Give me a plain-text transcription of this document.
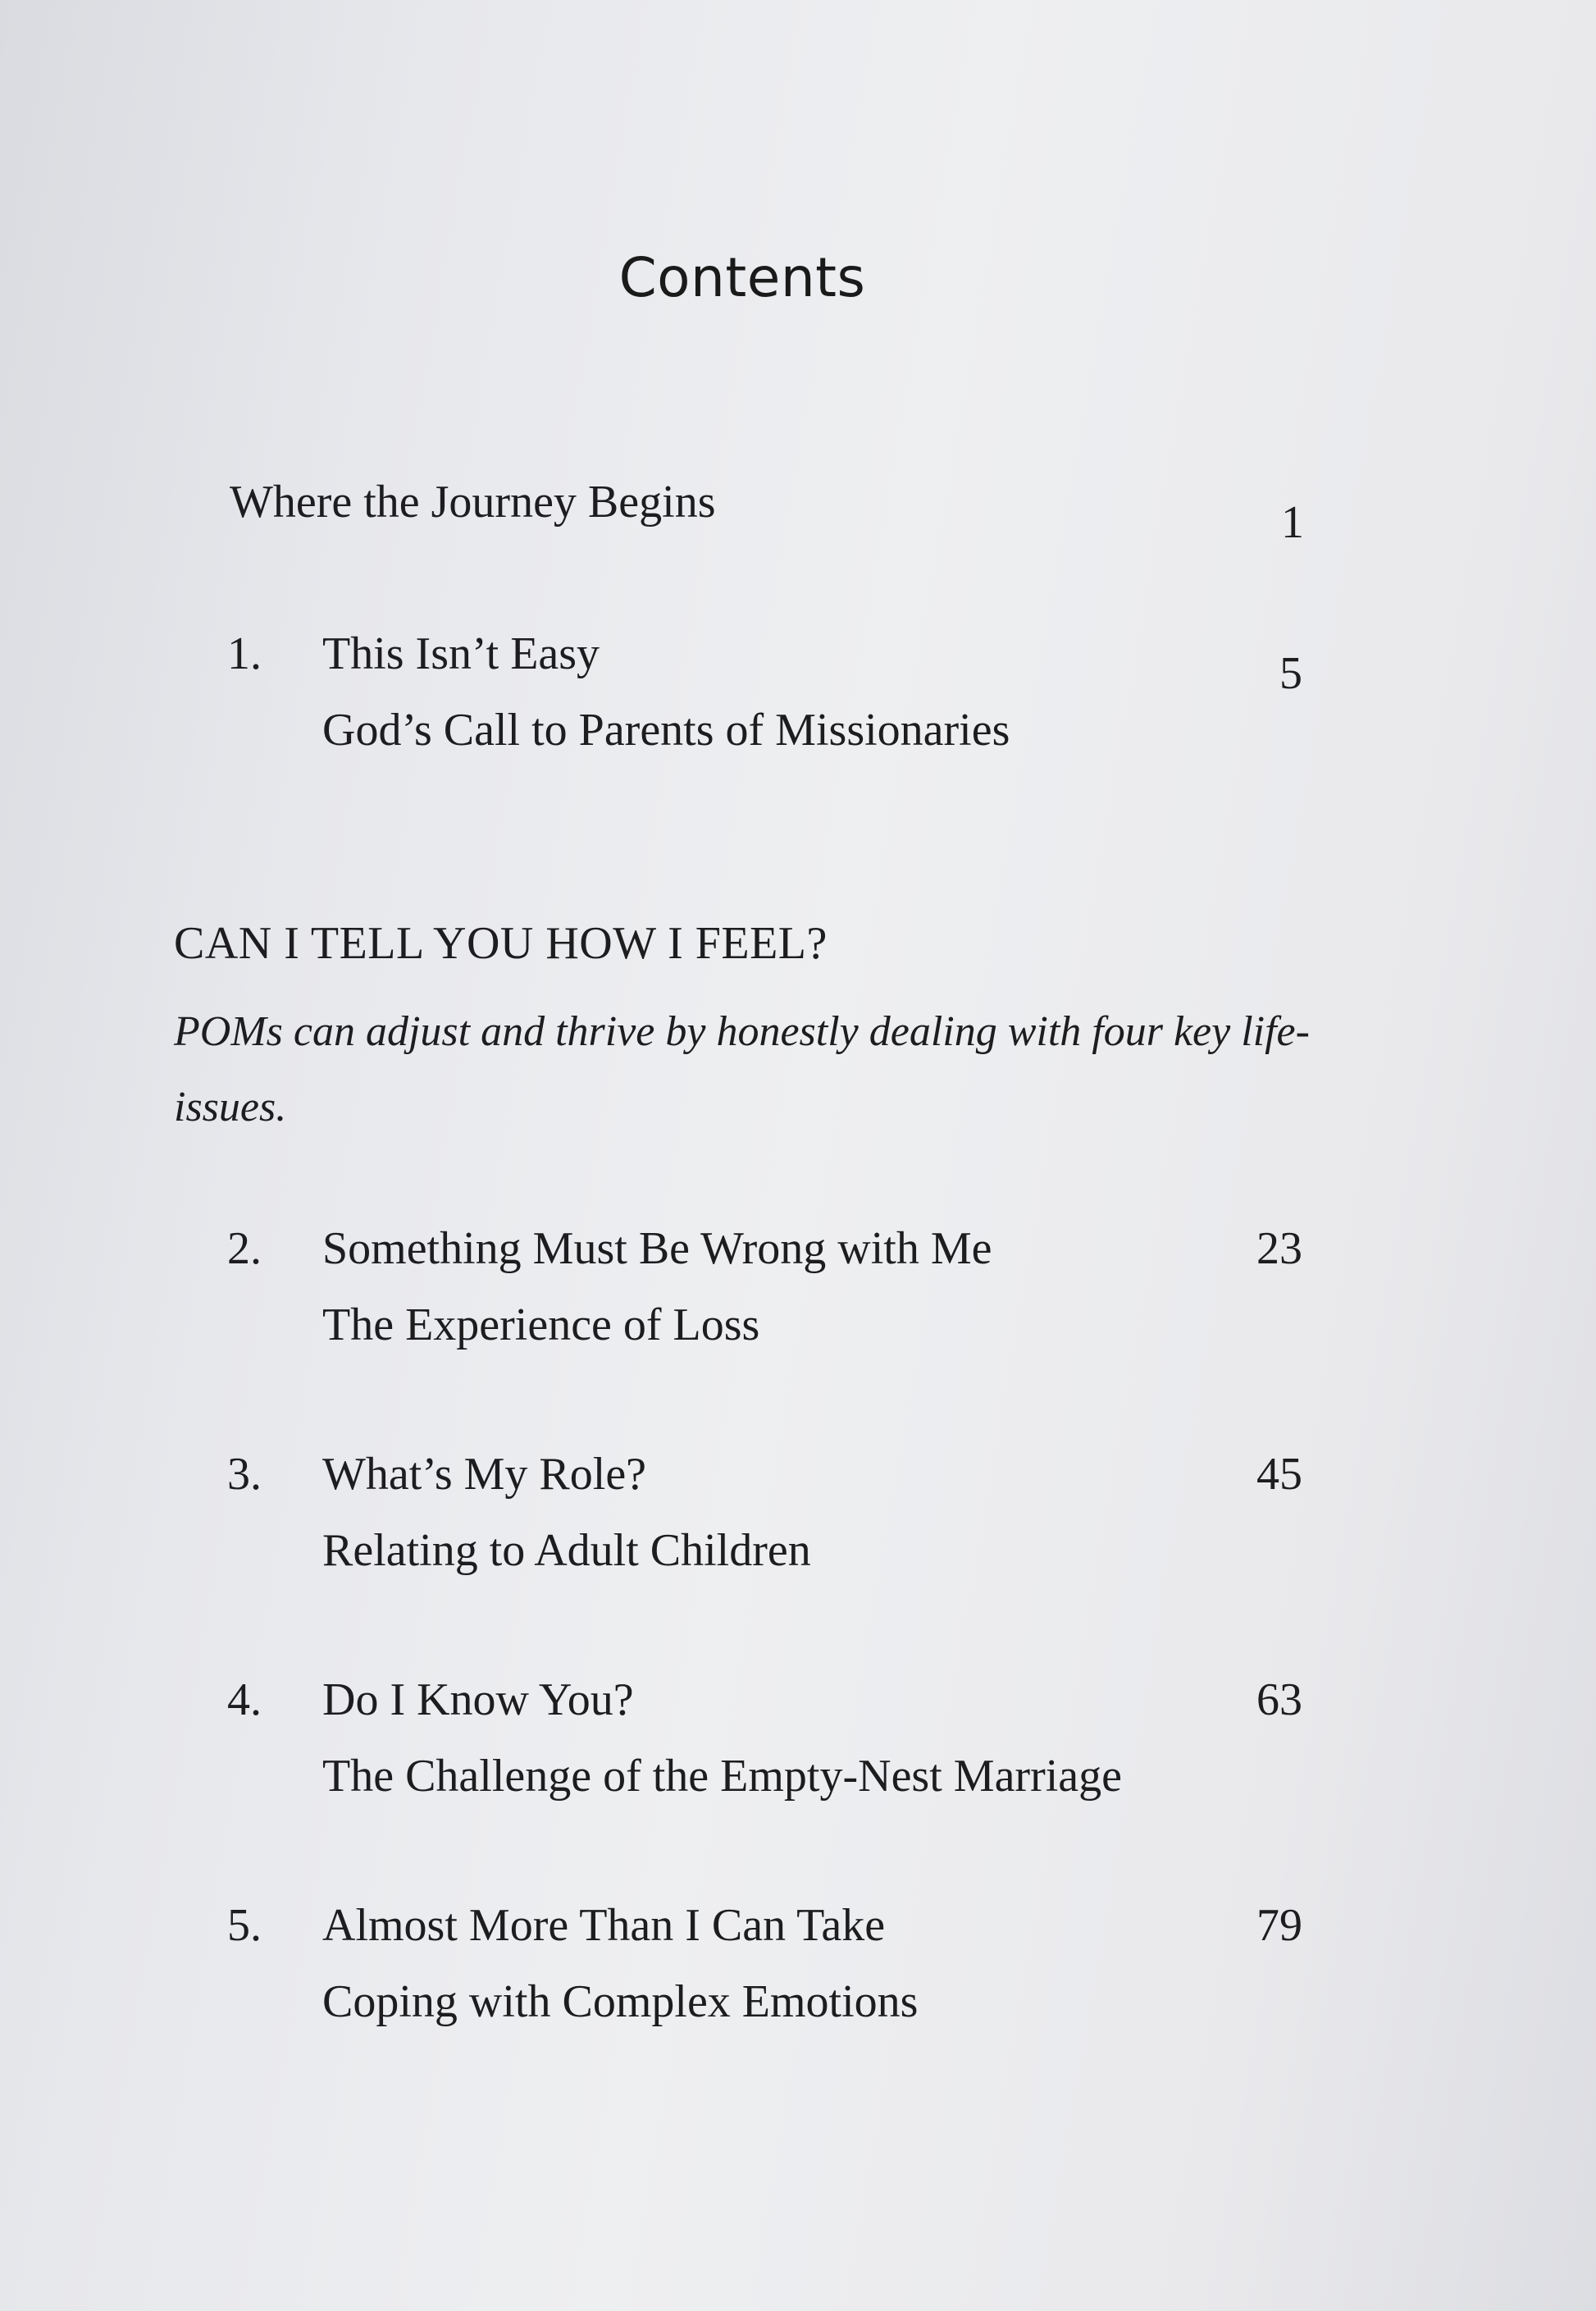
Contents
Where the Journey Begins	1
1. This Isn’t Easy
God’s Call to Parents of Missionaries
5
CAN I TELL YOU HOW I FEEL?
POMs can adjust and thrive by honestly dealing with four key life-issues.
2. Something Must Be Wrong with Me
The Experience of Loss
23
3. What’s My Role?
Relating to Adult Children
45
4. Do I Know You?
The Challenge of the Empty-Nest Marriage
63
5. Almost More Than I Can Take
Coping with Complex Emotions
79
